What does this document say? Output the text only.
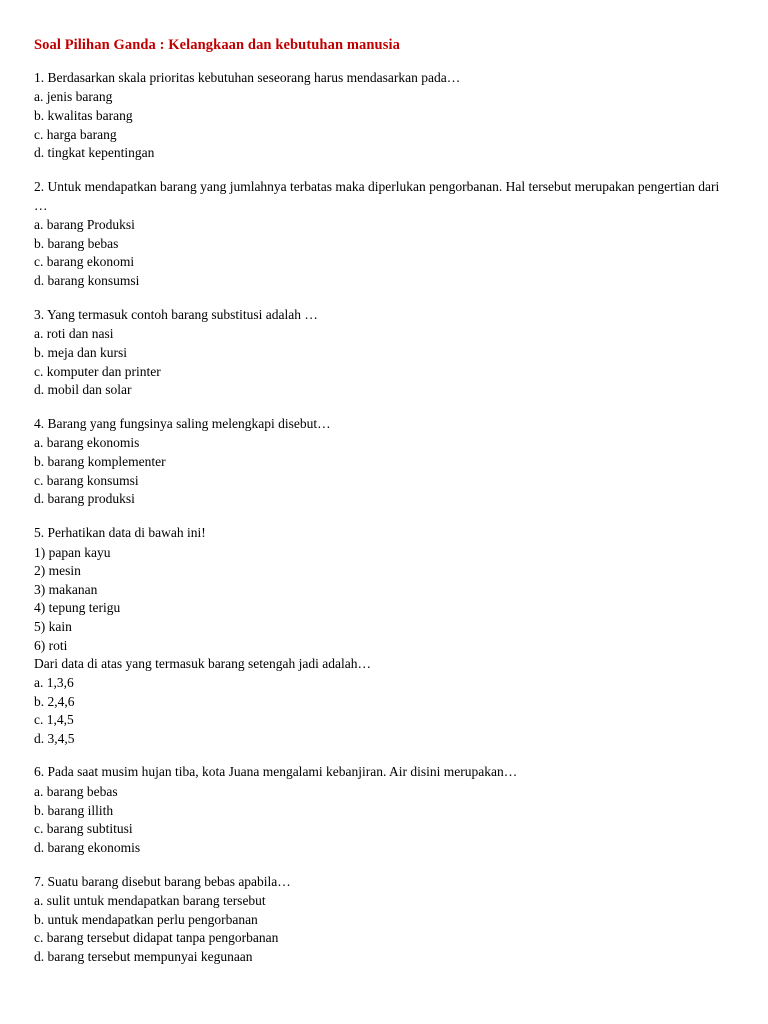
Soal Pilihan Ganda : Kelangkaan dan kebutuhan manusia

1. Berdasarkan skala prioritas kebutuhan seseorang harus mendasarkan pada…

a. jenis barang

b. kwalitas barang

c. harga barang

d. tingkat kepentingan

2. Untuk mendapatkan barang yang jumlahnya terbatas maka diperlukan pengorbanan. Hal tersebut merupakan pengertian dari …

a. barang Produksi

b. barang bebas

c. barang ekonomi

d. barang konsumsi

3. Yang termasuk contoh barang substitusi adalah …

a. roti dan nasi

b. meja dan kursi

c. komputer dan printer

d. mobil dan solar

4. Barang yang fungsinya saling melengkapi disebut…

a. barang ekonomis

b. barang komplementer

c. barang konsumsi

d. barang produksi

5. Perhatikan data di bawah ini!

1) papan kayu

2) mesin

3) makanan

4) tepung terigu

5) kain

6) roti

Dari data di atas yang termasuk barang setengah jadi adalah…

a. 1,3,6

b. 2,4,6

c. 1,4,5

d. 3,4,5

6. Pada saat musim hujan tiba, kota Juana mengalami kebanjiran. Air disini merupakan…

a. barang bebas

b. barang illith

c. barang subtitusi

d. barang ekonomis

7. Suatu barang disebut barang bebas apabila…

a. sulit untuk mendapatkan barang tersebut

b. untuk mendapatkan perlu pengorbanan

c. barang tersebut didapat tanpa pengorbanan

d. barang tersebut mempunyai kegunaan
